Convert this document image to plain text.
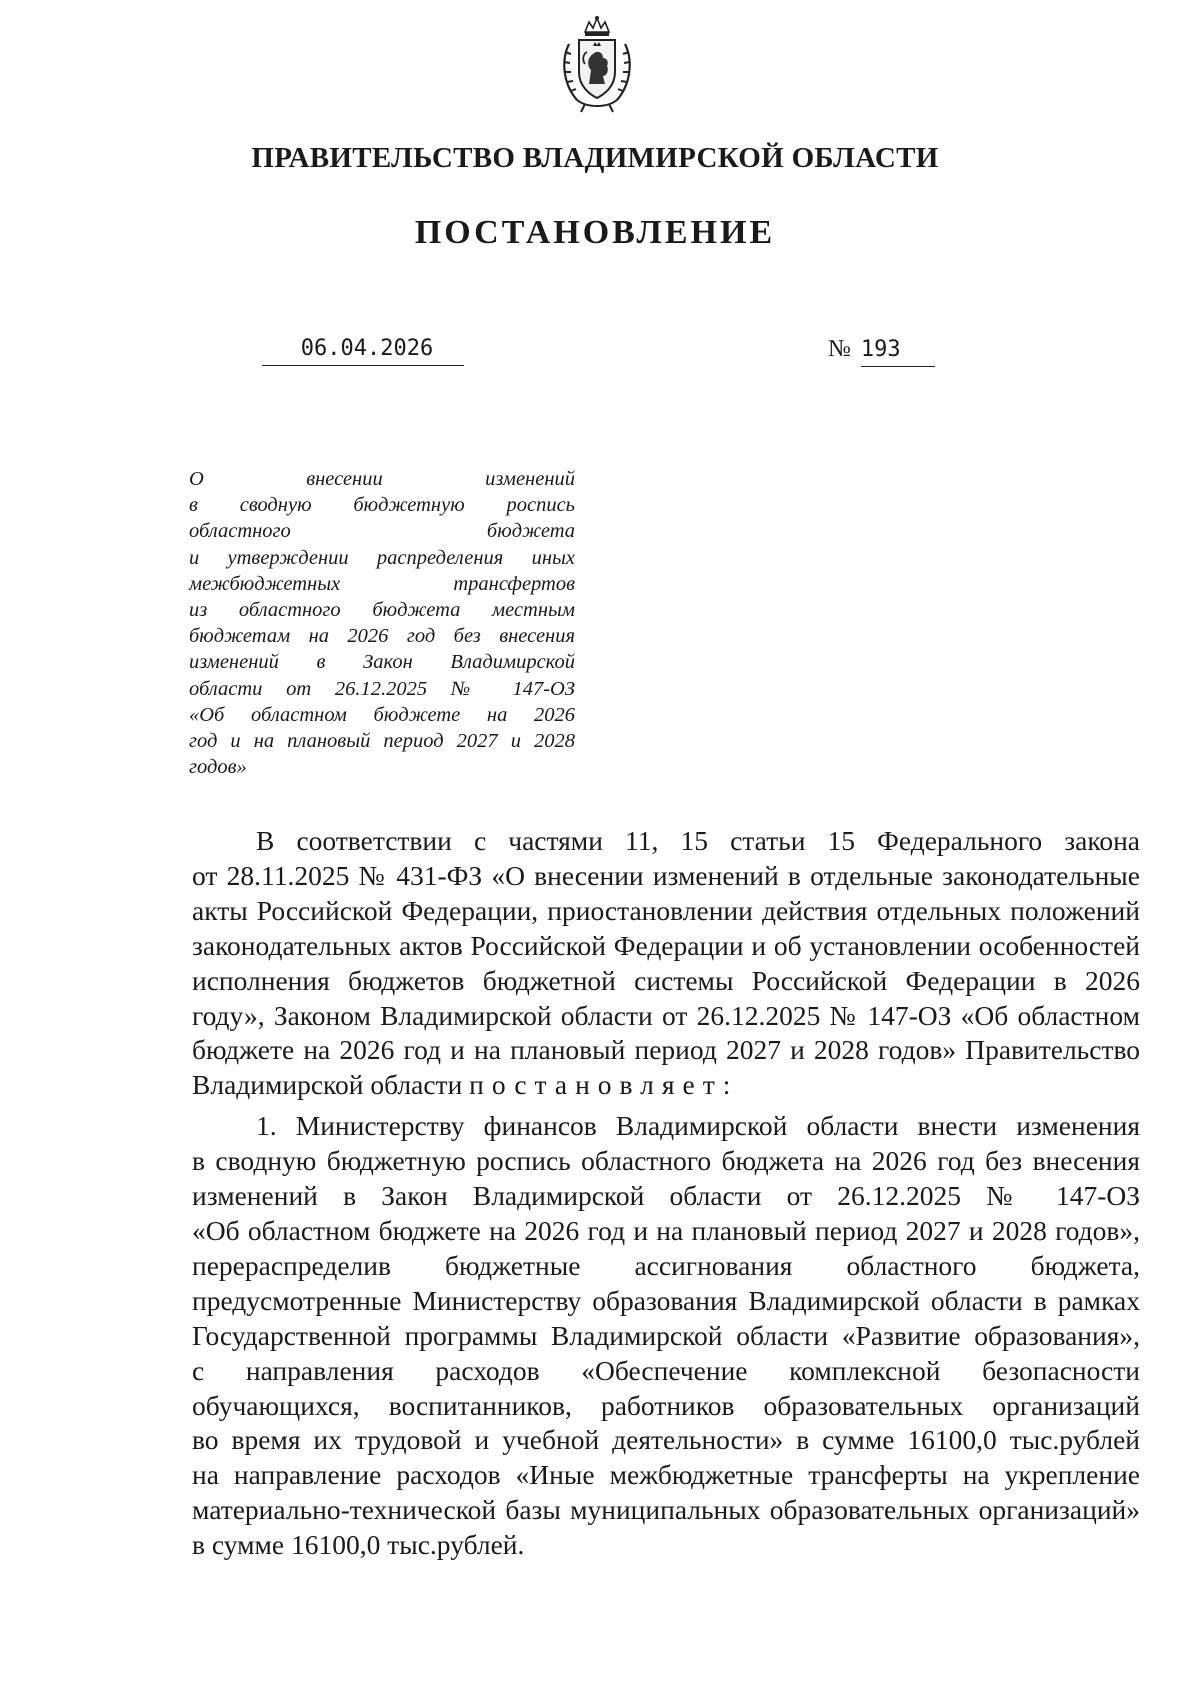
ПРАВИТЕЛЬСТВО ВЛАДИМИРСКОЙ ОБЛАСТИ
ПОСТАНОВЛЕНИЕ
06.04.2026	№ 193
О внесении изменений
в сводную бюджетную роспись
областного бюджета
и утверждении распределения иных
межбюджетных трансфертов
из областного бюджета местным
бюджетам на 2026 год без внесения
изменений в Закон Владимирской
области от 26.12.2025 № 147-ОЗ
«Об областном бюджете на 2026
год и на плановый период 2027 и 2028
годов»
В соответствии с частями 11, 15 статьи 15 Федерального закона
от 28.11.2025 № 431-ФЗ «О внесении изменений в отдельные законодательные
акты Российской Федерации, приостановлении действия отдельных положений
законодательных актов Российской Федерации и об установлении особенностей
исполнения бюджетов бюджетной системы Российской Федерации в 2026
году», Законом Владимирской области от 26.12.2025 № 147-ОЗ «Об областном
бюджете на 2026 год и на плановый период 2027 и 2028 годов» Правительство
Владимирской области постановляет:
1. Министерству финансов Владимирской области внести изменения
в сводную бюджетную роспись областного бюджета на 2026 год без внесения
изменений в Закон Владимирской области от 26.12.2025 № 147-ОЗ
«Об областном бюджете на 2026 год и на плановый период 2027 и 2028 годов»,
перераспределив бюджетные ассигнования областного бюджета,
предусмотренные Министерству образования Владимирской области в рамках
Государственной программы Владимирской области «Развитие образования»,
с направления расходов «Обеспечение комплексной безопасности
обучающихся, воспитанников, работников образовательных организаций
во время их трудовой и учебной деятельности» в сумме 16100,0 тыс.рублей
на направление расходов «Иные межбюджетные трансферты на укрепление
материально-технической базы муниципальных образовательных организаций»
в сумме 16100,0 тыс.рублей.
